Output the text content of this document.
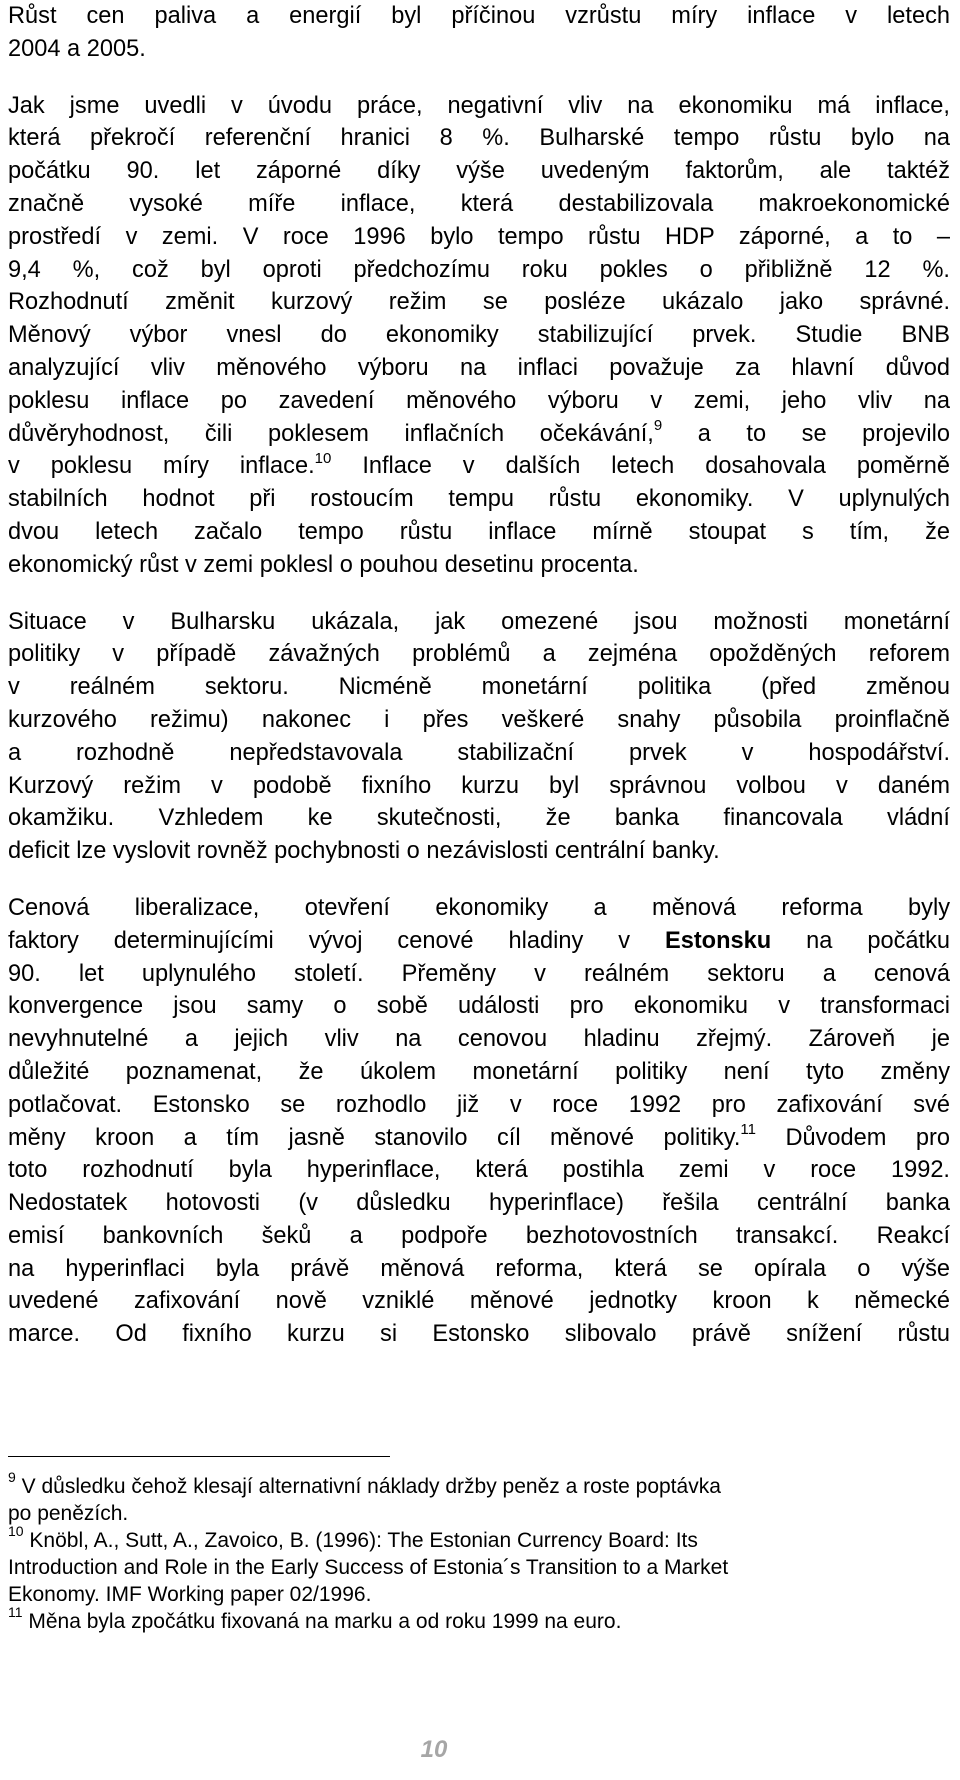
Růst cen paliva a energií byl příčinou vzrůstu míry inflace v letech
2004 a 2005.
Jak jsme uvedli v úvodu práce, negativní vliv na ekonomiku má inflace,
která překročí referenční hranici 8 %. Bulharské tempo růstu bylo na
počátku 90. let záporné díky výše uvedeným faktorům, ale taktéž
značně vysoké míře inflace, která destabilizovala makroekonomické
prostředí v zemi. V roce 1996 bylo tempo růstu HDP záporné, a to –
9,4 %, což byl oproti předchozímu roku pokles o přibližně 12 %.
Rozhodnutí změnit kurzový režim se posléze ukázalo jako správné.
Měnový výbor vnesl do ekonomiky stabilizující prvek. Studie BNB
analyzující vliv měnového výboru na inflaci považuje za hlavní důvod
poklesu inflace po zavedení měnového výboru v zemi, jeho vliv na
důvěryhodnost, čili poklesem inflačních očekávání,$^9$ a to se projevilo
v poklesu míry inflace.$^{10}$ Inflace v dalších letech dosahovala poměrně
stabilních hodnot při rostoucím tempu růstu ekonomiky. V uplynulých
dvou letech začalo tempo růstu inflace mírně stoupat s tím, že
ekonomický růst v zemi poklesl o pouhou desetinu procenta.
Situace v Bulharsku ukázala, jak omezené jsou možnosti monetární
politiky v případě závažných problémů a zejména opožděných reforem
v reálném sektoru. Nicméně monetární politika (před změnou
kurzového režimu) nakonec i přes veškeré snahy působila proinflačně
a rozhodně nepředstavovala stabilizační prvek v hospodářství.
Kurzový režim v podobě fixního kurzu byl správnou volbou v daném
okamžiku. Vzhledem ke skutečnosti, že banka financovala vládní
deficit lze vyslovit rovněž pochybnosti o nezávislosti centrální banky.
Cenová liberalizace, otevření ekonomiky a měnová reforma byly
faktory determinujícími vývoj cenové hladiny v Estonsku na počátku
90. let uplynulého století. Přeměny v reálném sektoru a cenová
konvergence jsou samy o sobě události pro ekonomiku v transformaci
nevyhnutelné a jejich vliv na cenovou hladinu zřejmý. Zároveň je
důležité poznamenat, že úkolem monetární politiky není tyto změny
potlačovat. Estonsko se rozhodlo již v roce 1992 pro zafixování své
měny kroon a tím jasně stanovilo cíl měnové politiky.$^{11}$ Důvodem pro
toto rozhodnutí byla hyperinflace, která postihla zemi v roce 1992.
Nedostatek hotovosti (v důsledku hyperinflace) řešila centrální banka
emisí bankovních šeků a podpoře bezhotovostních transakcí. Reakcí
na hyperinflaci byla právě měnová reforma, která se opírala o výše
uvedené zafixování nově vzniklé měnové jednotky kroon k německé
marce. Od fixního kurzu si Estonsko slibovalo právě snížení růstu
$^9$ V důsledku čehož klesají alternativní náklady držby peněz a roste poptávka
po penězích.
$^{10}$ Knöbl, A., Sutt, A., Zavoico, B. (1996): The Estonian Currency Board: Its
Introduction and Role in the Early Success of Estonia´s Transition to a Market
Ekonomy. IMF Working paper 02/1996.
$^{11}$ Měna byla zpočátku fixovaná na marku a od roku 1999 na euro.
10
